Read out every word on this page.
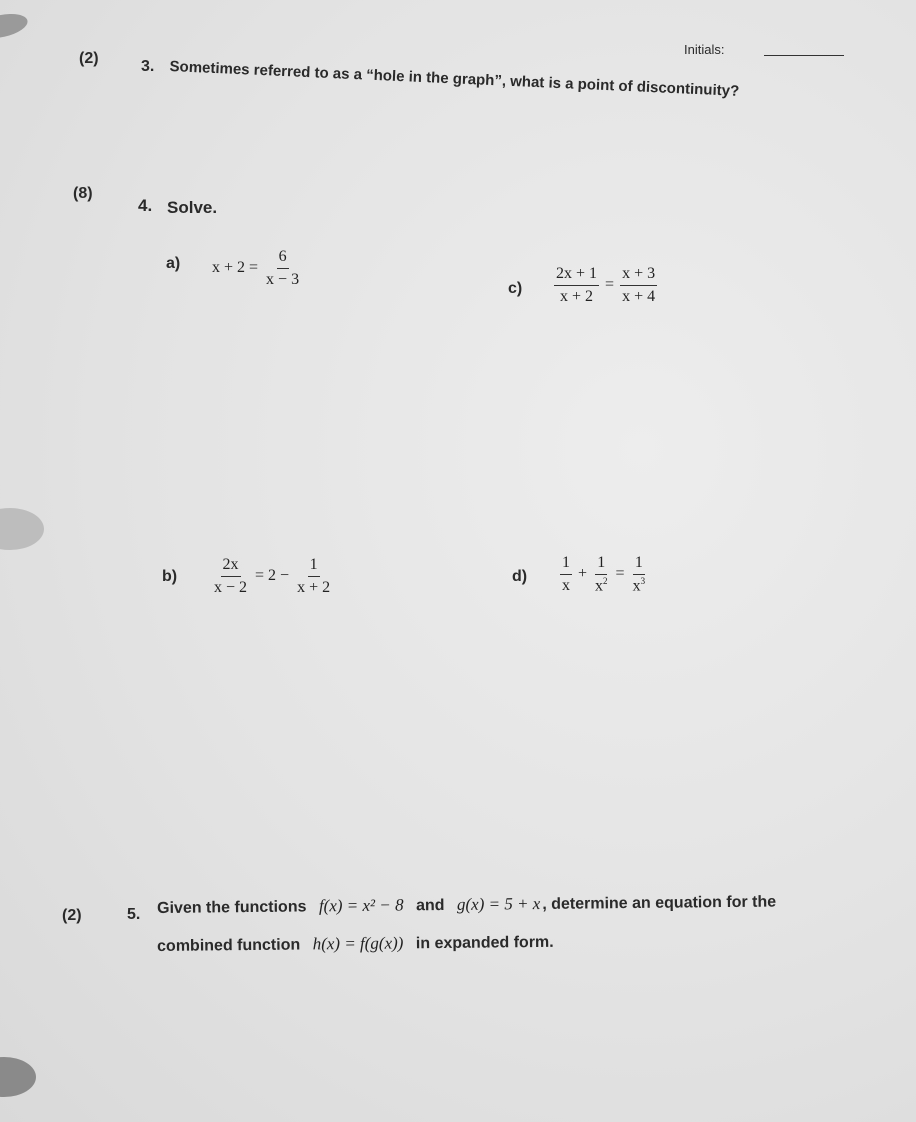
Initials:
(2)	3. Sometimes referred to as a “hole in the graph”, what is a point of discontinuity?
(8)
4. Solve.
a) $x + 2 = \frac{6}{x - 3}$
$c) \frac{2x + 1}{x + 2} = \frac{x + 3}{x + 4}$
$b) \frac{2x}{x - 2} = 2 - \frac{1}{x + 2}$	$d) \frac{1}{x} + \frac{1}{x^2} = \frac{1}{x^3}$
(2)	5. Given the functions f(x) = x² − 8 and g(x) = 5 + x , determine an equation for the
combined function h(x) = f(g(x)) in expanded form.
